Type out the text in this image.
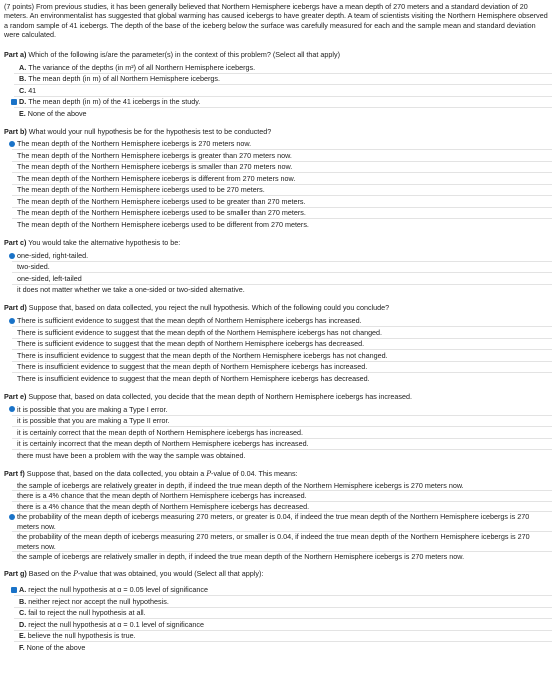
(7 points) From previous studies, it has been generally believed that Northern Hemisphere icebergs have a mean depth of 270 meters and a standard deviation of 20 meters. An environmentalist has suggested that global warming has caused icebergs to have greater depth. A team of scientists visiting the Northern Hemisphere observed a random sample of 41 icebergs. The depth of the base of the iceberg below the surface was carefully measured for each and the sample mean and standard deviation were calculated.
Part a) Which of the following is/are the parameter(s) in the context of this problem? (Select all that apply)
A. The variance of the depths (in m²) of all Northern Hemisphere icebergs.
B. The mean depth (in m) of all Northern Hemisphere icebergs.
C. 41
D. The mean depth (in m) of the 41 icebergs in the study.
E. None of the above
Part b) What would your null hypothesis be for the hypothesis test to be conducted?
The mean depth of the Northern Hemisphere icebergs is 270 meters now.
The mean depth of the Northern Hemisphere icebergs is greater than 270 meters now.
The mean depth of the Northern Hemisphere icebergs is smaller than 270 meters now.
The mean depth of the Northern Hemisphere icebergs is different from 270 meters now.
The mean depth of the Northern Hemisphere icebergs used to be 270 meters.
The mean depth of the Northern Hemisphere icebergs used to be greater than 270 meters.
The mean depth of the Northern Hemisphere icebergs used to be smaller than 270 meters.
The mean depth of the Northern Hemisphere icebergs used to be different from 270 meters.
Part c) You would take the alternative hypothesis to be:
one-sided, right-tailed.
two-sided.
one-sided, left-tailed
it does not matter whether we take a one-sided or two-sided alternative.
Part d) Suppose that, based on data collected, you reject the null hypothesis. Which of the following could you conclude?
There is sufficient evidence to suggest that the mean depth of Northern Hemisphere icebergs has increased.
There is sufficient evidence to suggest that the mean depth of the Northern Hemisphere icebergs has not changed.
There is sufficient evidence to suggest that the mean depth of Northern Hemisphere icebergs has decreased.
There is insufficient evidence to suggest that the mean depth of the Northern Hemisphere icebergs has not changed.
There is insufficient evidence to suggest that the mean depth of Northern Hemisphere icebergs has increased.
There is insufficient evidence to suggest that the mean depth of Northern Hemisphere icebergs has decreased.
Part e) Suppose that, based on data collected, you decide that the mean depth of Northern Hemisphere icebergs has increased.
it is possible that you are making a Type I error.
it is possible that you are making a Type II error.
it is certainly correct that the mean depth of Northern Hemisphere icebergs has increased.
it is certainly incorrect that the mean depth of Northern Hemisphere icebergs has increased.
there must have been a problem with the way the sample was obtained.
Part f) Suppose that, based on the data collected, you obtain a P-value of 0.04. This means:
the sample of icebergs are relatively greater in depth, if indeed the true mean depth of the Northern Hemisphere icebergs is 270 meters now.
there is a 4% chance that the mean depth of Northern Hemisphere icebergs has increased.
there is a 4% chance that the mean depth of Northern Hemisphere icebergs has decreased.
the probability of the mean depth of icebergs measuring 270 meters, or greater is 0.04, if indeed the true mean depth of the Northern Hemisphere icebergs is 270 meters now.
the probability of the mean depth of icebergs measuring 270 meters, or smaller is 0.04, if indeed the true mean depth of the Northern Hemisphere icebergs is 270 meters now.
the sample of icebergs are relatively smaller in depth, if indeed the true mean depth of the Northern Hemisphere icebergs is 270 meters now.
Part g) Based on the P-value that was obtained, you would (Select all that apply):
A. reject the null hypothesis at α = 0.05 level of significance
B. neither reject nor accept the null hypothesis.
C. fail to reject the null hypothesis at all.
D. reject the null hypothesis at α = 0.1 level of significance
E. believe the null hypothesis is true.
F. None of the above
